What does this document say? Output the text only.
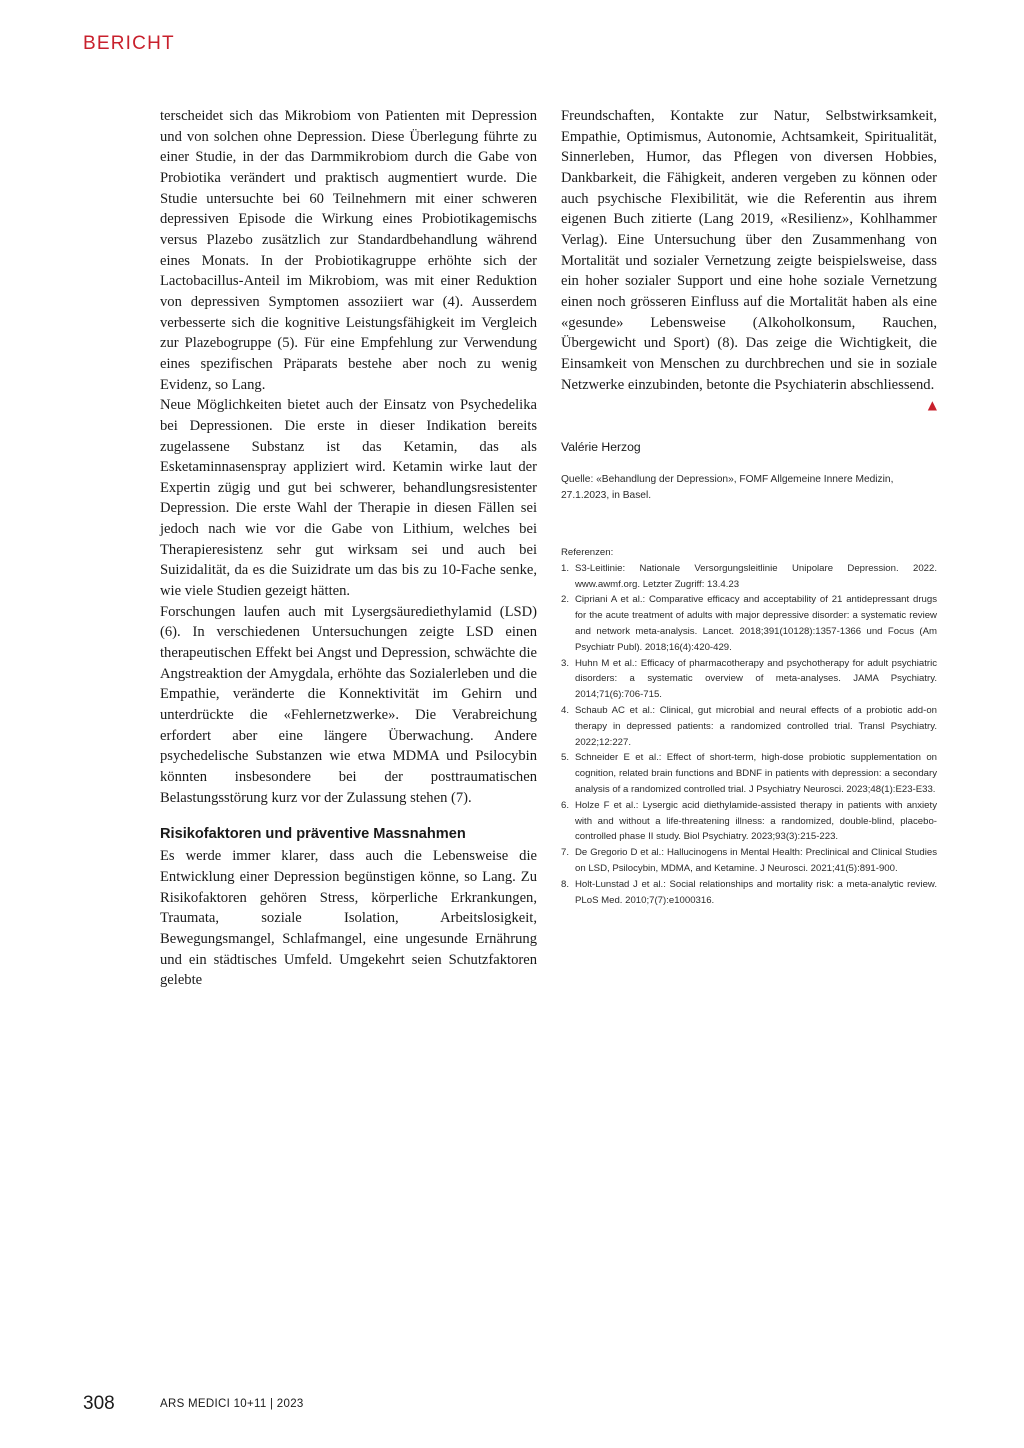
BERICHT

terscheidet sich das Mikrobiom von Patienten mit Depression und von solchen ohne Depression. Diese Überlegung führte zu einer Studie, in der das Darmmikrobiom durch die Gabe von Probiotika verändert und praktisch augmentiert wurde. Die Studie untersuchte bei 60 Teilnehmern mit einer schweren depressiven Episode die Wirkung eines Probiotikagemischs versus Plazebo zusätzlich zur Standardbehandlung während eines Monats. In der Probiotikagruppe erhöhte sich der Lactobacillus-Anteil im Mikrobiom, was mit einer Reduktion von depressiven Symptomen assoziiert war (4). Ausserdem verbesserte sich die kognitive Leistungsfähigkeit im Vergleich zur Plazebogruppe (5). Für eine Empfehlung zur Verwendung eines spezifischen Präparats bestehe aber noch zu wenig Evidenz, so Lang.

Neue Möglichkeiten bietet auch der Einsatz von Psychedelika bei Depressionen. Die erste in dieser Indikation bereits zugelassene Substanz ist das Ketamin, das als Esketaminnasenspray appliziert wird. Ketamin wirke laut der Expertin zügig und gut bei schwerer, behandlungsresistenter Depression. Die erste Wahl der Therapie in diesen Fällen sei jedoch nach wie vor die Gabe von Lithium, welches bei Therapieresistenz sehr gut wirksam sei und auch bei Suizidalität, da es die Suizidrate um das bis zu 10-Fache senke, wie viele Studien gezeigt hätten.

Forschungen laufen auch mit Lysergsäurediethylamid (LSD) (6). In verschiedenen Untersuchungen zeigte LSD einen therapeutischen Effekt bei Angst und Depression, schwächte die Angstreaktion der Amygdala, erhöhte das Sozialerleben und die Empathie, veränderte die Konnektivität im Gehirn und unterdrückte die «Fehlernetzwerke». Die Verabreichung erfordert aber eine längere Überwachung. Andere psychedelische Substanzen wie etwa MDMA und Psilocybin könnten insbesondere bei der posttraumatischen Belastungsstörung kurz vor der Zulassung stehen (7).

Risikofaktoren und präventive Massnahmen

Es werde immer klarer, dass auch die Lebensweise die Entwicklung einer Depression begünstigen könne, so Lang. Zu Risikofaktoren gehören Stress, körperliche Erkrankungen, Traumata, soziale Isolation, Arbeitslosigkeit, Bewegungsmangel, Schlafmangel, eine ungesunde Ernährung und ein städtisches Umfeld. Umgekehrt seien Schutzfaktoren gelebte

Freundschaften, Kontakte zur Natur, Selbstwirksamkeit, Empathie, Optimismus, Autonomie, Achtsamkeit, Spiritualität, Sinnerleben, Humor, das Pflegen von diversen Hobbies, Dankbarkeit, die Fähigkeit, anderen vergeben zu können oder auch psychische Flexibilität, wie die Referentin aus ihrem eigenen Buch zitierte (Lang 2019, «Resilienz», Kohlhammer Verlag). Eine Untersuchung über den Zusammenhang von Mortalität und sozialer Vernetzung zeigte beispielsweise, dass ein hoher sozialer Support und eine hohe soziale Vernetzung einen noch grösseren Einfluss auf die Mortalität haben als eine «gesunde» Lebensweise (Alkoholkonsum, Rauchen, Übergewicht und Sport) (8). Das zeige die Wichtigkeit, die Einsamkeit von Menschen zu durchbrechen und sie in soziale Netzwerke einzubinden, betonte die Psychiaterin abschliessend.
▲

Valérie Herzog
Quelle: «Behandlung der Depression», FOMF Allgemeine Innere Medizin, 27.1.2023, in Basel.

Referenzen:

1. S3-Leitlinie: Nationale Versorgungsleitlinie Unipolare Depression. 2022. www.awmf.org. Letzter Zugriff: 13.4.23
2. Cipriani A et al.: Comparative efficacy and acceptability of 21 antidepressant drugs for the acute treatment of adults with major depressive disorder: a systematic review and network meta-analysis. Lancet. 2018;391(10128):1357-1366 und Focus (Am Psychiatr Publ). 2018;16(4):420-429.
3. Huhn M et al.: Efficacy of pharmacotherapy and psychotherapy for adult psychiatric disorders: a systematic overview of meta-analyses. JAMA Psychiatry. 2014;71(6):706-715.
4. Schaub AC et al.: Clinical, gut microbial and neural effects of a probiotic add-on therapy in depressed patients: a randomized controlled trial. Transl Psychiatry. 2022;12:227.
5. Schneider E et al.: Effect of short-term, high-dose probiotic supplementation on cognition, related brain functions and BDNF in patients with depression: a secondary analysis of a randomized controlled trial. J Psychiatry Neurosci. 2023;48(1):E23-E33.
6. Holze F et al.: Lysergic acid diethylamide-assisted therapy in patients with anxiety with and without a life-threatening illness: a randomized, double-blind, placebo-controlled phase II study. Biol Psychiatry. 2023;93(3):215-223.
7. De Gregorio D et al.: Hallucinogens in Mental Health: Preclinical and Clinical Studies on LSD, Psilocybin, MDMA, and Ketamine. J Neurosci. 2021;41(5):891-900.
8. Holt-Lunstad J et al.: Social relationships and mortality risk: a meta-analytic review. PLoS Med. 2010;7(7):e1000316.
308	ARS MEDICI 10+11 | 2023
